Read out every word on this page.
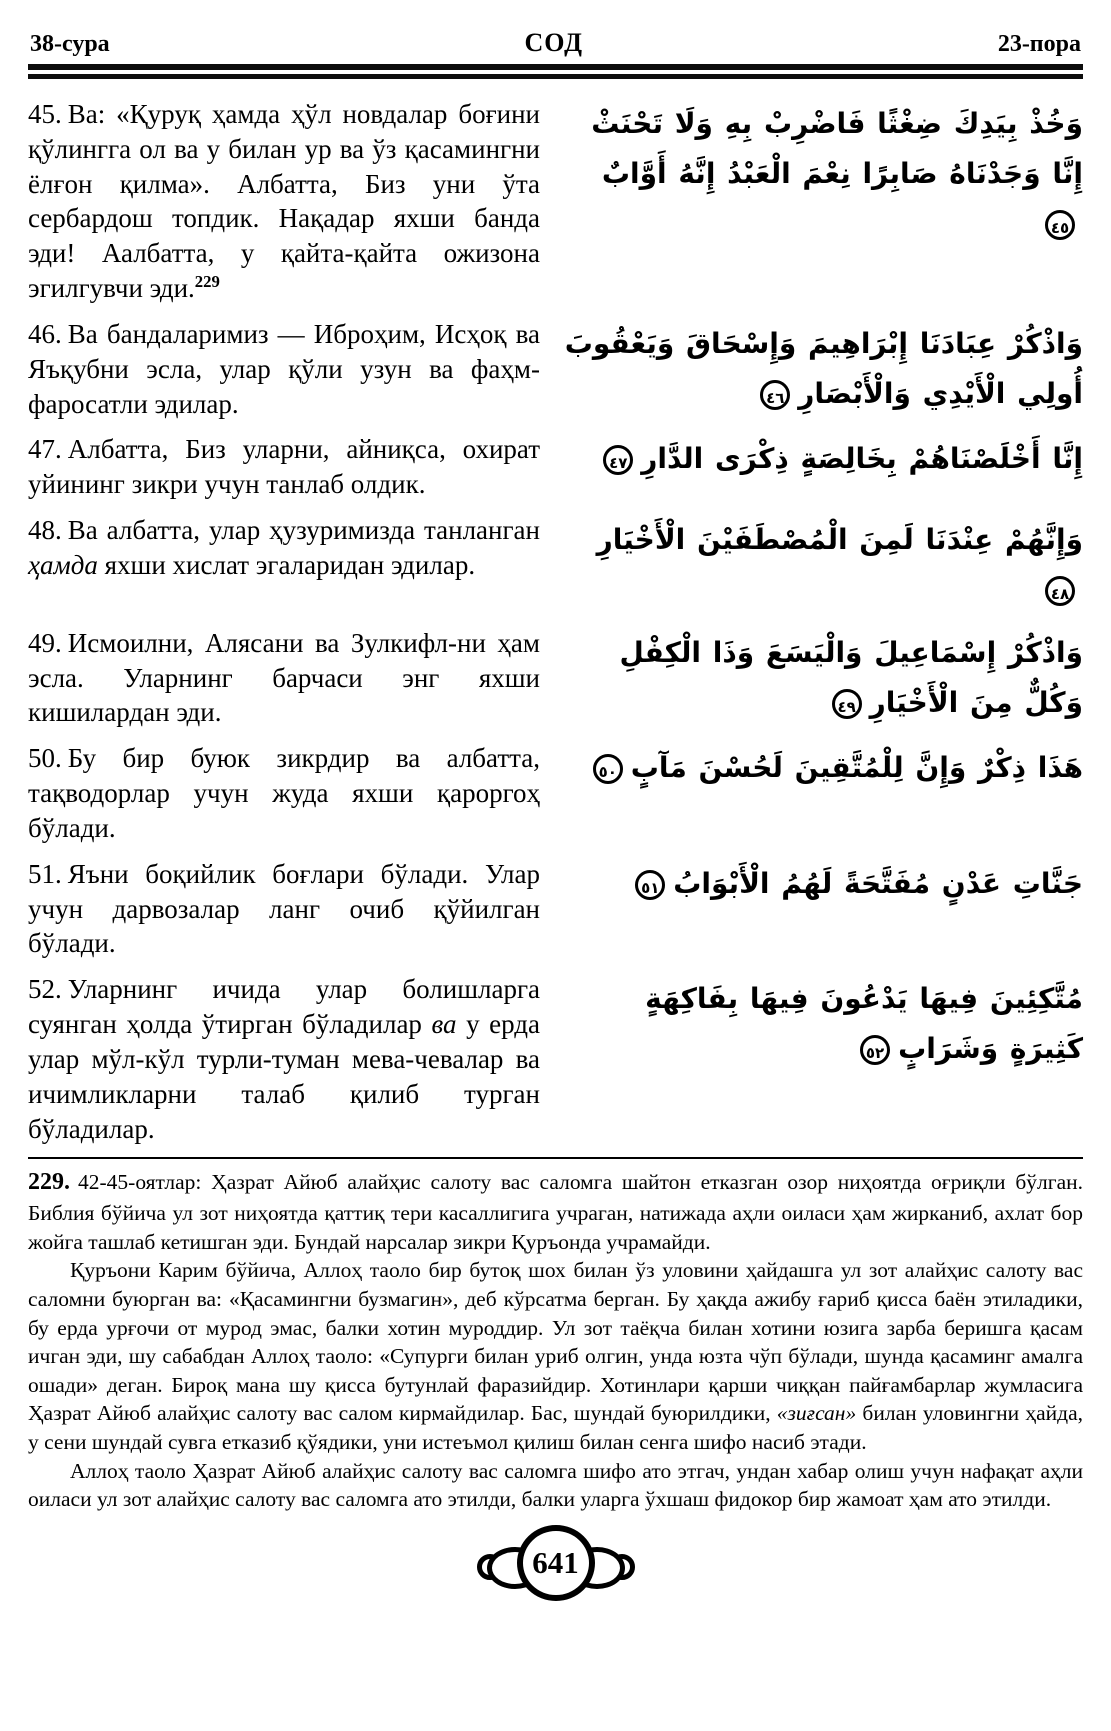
38-сура	СОД	23-пора

45. Ва: «Қуруқ ҳамда ҳўл новдалар боғини қўлингга ол ва у билан ур ва ўз қасамингни ёлғон қилма». Албатта, Биз уни ўта сербардош топдик. Нақадар яхши банда эди! Аалбатта, у қайта-қайта ожизона эгилгувчи эди.$^{229}$

وَخُذْ بِيَدِكَ ضِغْثًا فَاضْرِبْ بِهِ وَلَا تَحْنَثْ إِنَّا وَجَدْنَاهُ صَابِرًا نِعْمَ الْعَبْدُ إِنَّهُ أَوَّابٌ٤٥

46. Ва бандаларимиз — Иброҳим, Исҳоқ ва Яъқубни эсла, улар қўли узун ва фаҳм-фаросатли эдилар.

وَاذْكُرْ عِبَادَنَا إِبْرَاهِيمَ وَإِسْحَاقَ وَيَعْقُوبَ أُولِي الْأَيْدِي وَالْأَبْصَارِ٤٦

47. Албатта, Биз уларни, айниқса, охират уйининг зикри учун танлаб олдик.

إِنَّا أَخْلَصْنَاهُمْ بِخَالِصَةٍ ذِكْرَى الدَّارِ٤٧

48. Ва албатта, улар ҳузуримизда танланган ҳамда яхши хислат эгаларидан эдилар.

وَإِنَّهُمْ عِنْدَنَا لَمِنَ الْمُصْطَفَيْنَ الْأَخْيَارِ٤٨

49. Исмоилни, Алясани ва Зулкифл-ни ҳам эсла. Уларнинг барчаси энг яхши кишилардан эди.

وَاذْكُرْ إِسْمَاعِيلَ وَالْيَسَعَ وَذَا الْكِفْلِ وَكُلٌّ مِنَ الْأَخْيَارِ٤٩

50. Бу бир буюк зикрдир ва албатта, тақводорлар учун жуда яхши қароргоҳ бўлади.

هَذَا ذِكْرٌ وَإِنَّ لِلْمُتَّقِينَ لَحُسْنَ مَآبٍ٥٠

51. Яъни боқийлик боғлари бўлади. Улар учун дарвозалар ланг очиб қўйилган бўлади.

جَنَّاتِ عَدْنٍ مُفَتَّحَةً لَهُمُ الْأَبْوَابُ٥١

52. Уларнинг ичида улар болишларга суянган ҳолда ўтирган бўладилар ва у ерда улар мўл-кўл турли-туман мева-чевалар ва ичимликларни талаб қилиб турган бўладилар.

مُتَّكِئِينَ فِيهَا يَدْعُونَ فِيهَا بِفَاكِهَةٍ كَثِيرَةٍ وَشَرَابٍ٥٢

229. 42-45-оятлар: Ҳазрат Айюб алайҳис салоту вас саломга шайтон етказган озор ниҳоятда оғриқли бўлган. Библия бўйича ул зот ниҳоятда қаттиқ тери касаллигига учраган, натижада аҳли оиласи ҳам жирканиб, ахлат бор жойга ташлаб кетишган эди. Бундай нарсалар зикри Қуръонда учрамайди.

Қуръони Карим бўйича, Аллоҳ таоло бир бутоқ шох билан ўз уловини ҳайдашга ул зот алайҳис салоту вас саломни буюрган ва: «Қасамингни бузмагин», деб кўрсатма берган. Бу ҳақда ажибу ғариб қисса баён этиладики, бу ерда урғочи от мурод эмас, балки хотин муроддир. Ул зот таёқча билан хотини юзига зарба беришга қасам ичган эди, шу сабабдан Аллоҳ таоло: «Супурги билан уриб олгин, унда юзта чўп бўлади, шунда қасаминг амалга ошади» деган. Бироқ мана шу қисса бутунлай фаразийдир. Хотинлари қарши чиққан пайғамбарлар жумласига Ҳазрат Айюб алайҳис салоту вас салом кирмайдилар. Бас, шундай буюрилдики, «зиғсан» билан уловингни ҳайда, у сени шундай сувга етказиб қўядики, уни истеъмол қилиш билан сенга шифо насиб этади.

Аллоҳ таоло Ҳазрат Айюб алайҳис салоту вас саломга шифо ато этгач, ундан хабар олиш учун нафақат аҳли оиласи ул зот алайҳис салоту вас саломга ато этилди, балки уларга ўхшаш фидокор бир жамоат ҳам ато этилди.

641
